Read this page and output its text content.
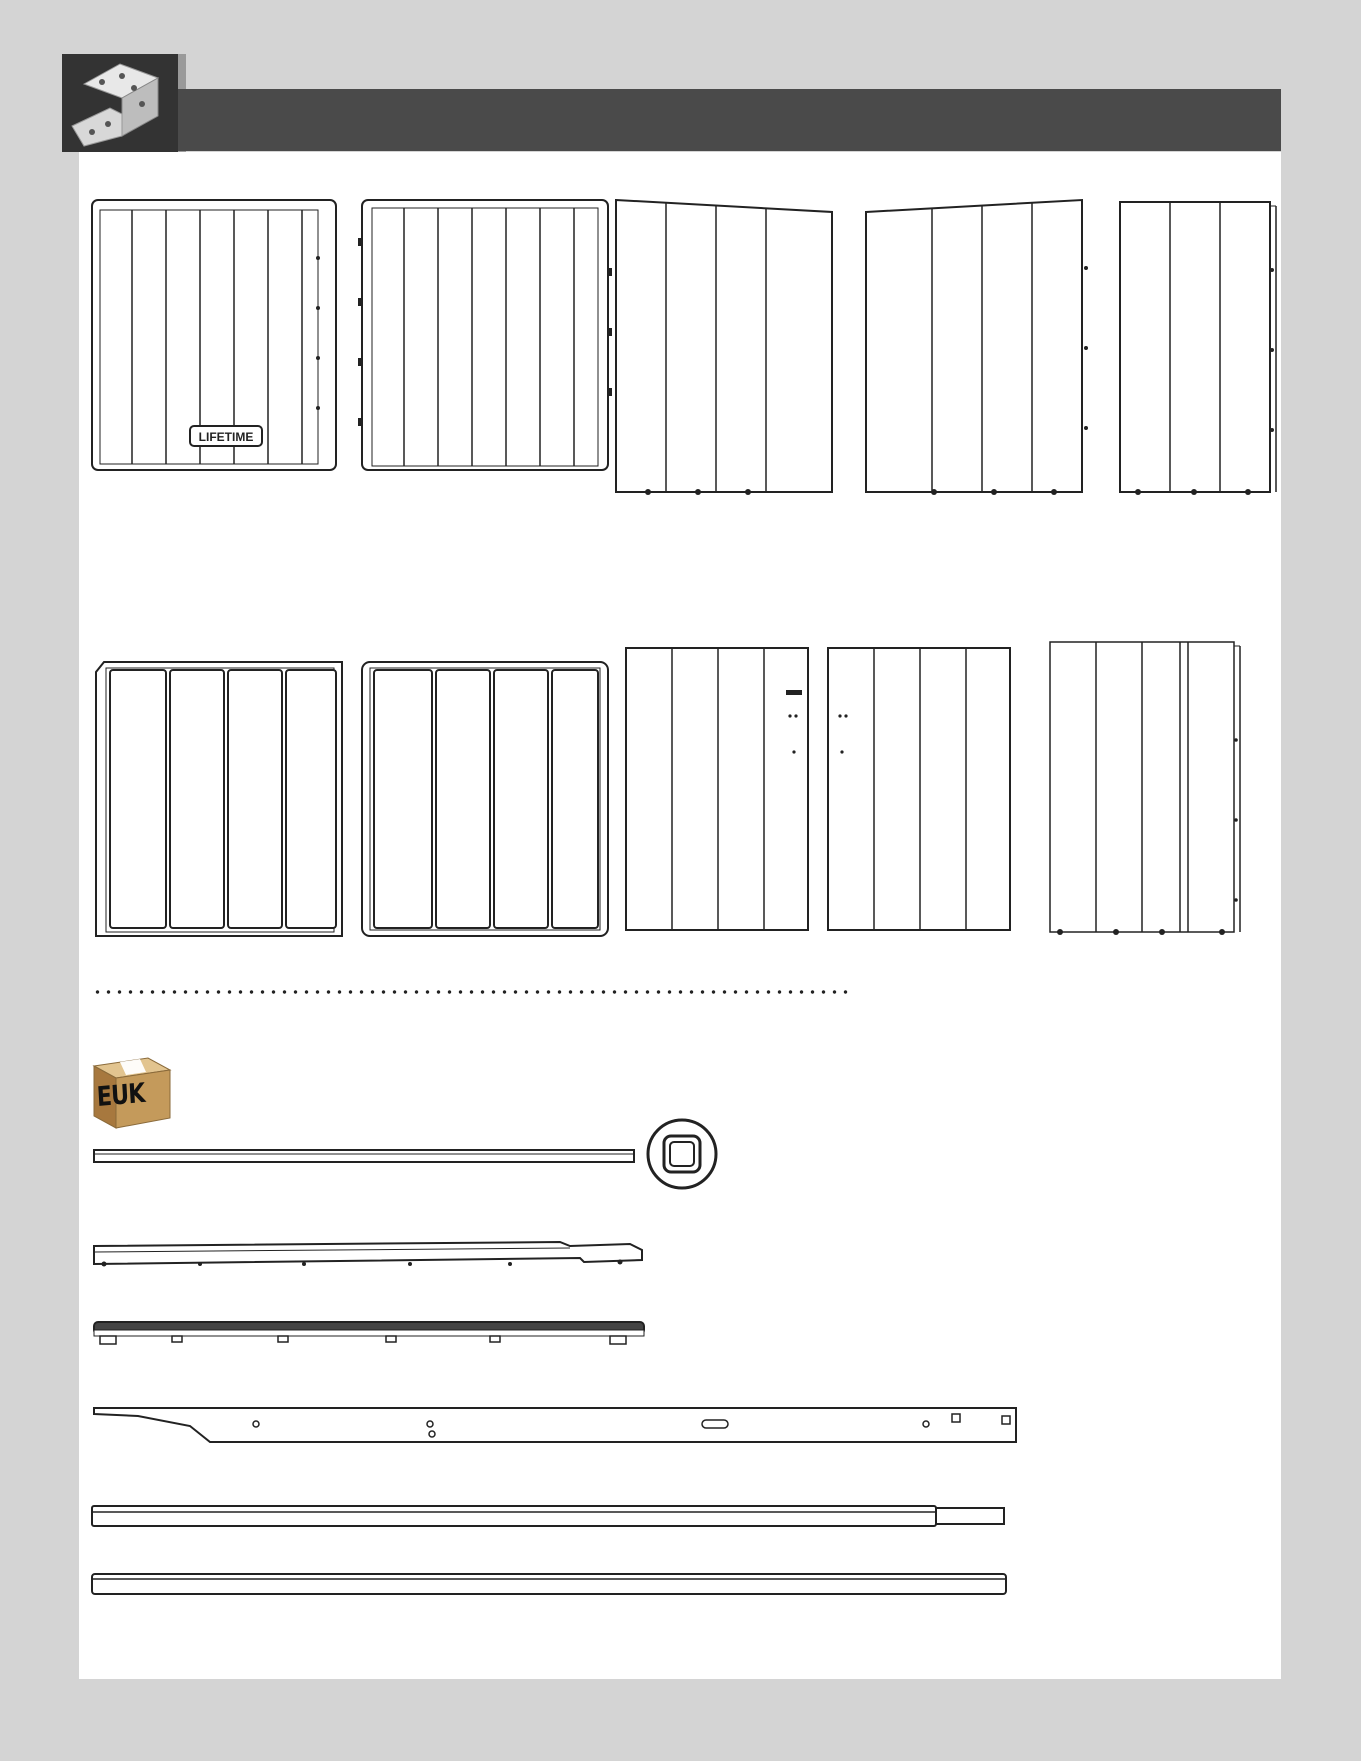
LIFETIME
EUK
